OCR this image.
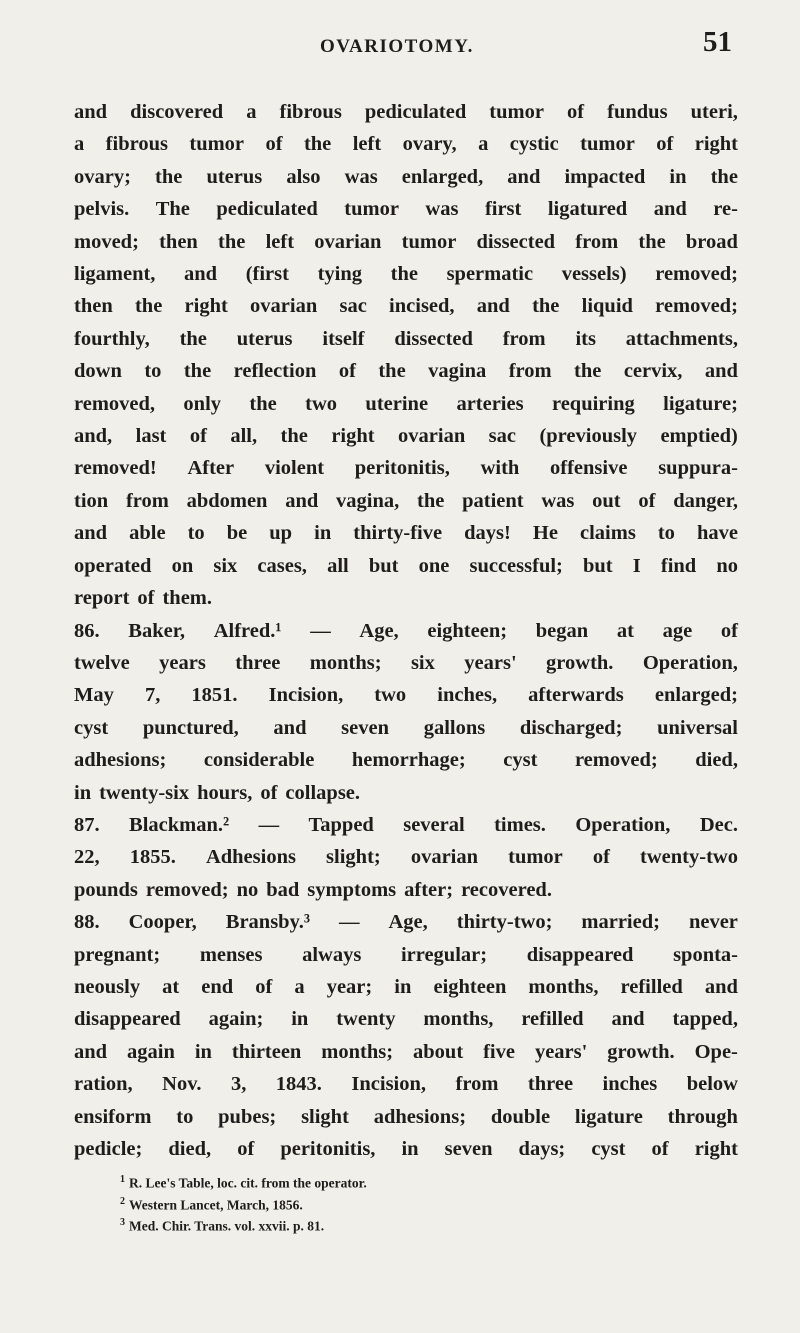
OVARIOTOMY.	51
and discovered a fibrous pediculated tumor of fundus uteri,
a fibrous tumor of the left ovary, a cystic tumor of right
ovary; the uterus also was enlarged, and impacted in the
pelvis. The pediculated tumor was first ligatured and re-
moved; then the left ovarian tumor dissected from the broad
ligament, and (first tying the spermatic vessels) removed;
then the right ovarian sac incised, and the liquid removed;
fourthly, the uterus itself dissected from its attachments,
down to the reflection of the vagina from the cervix, and
removed, only the two uterine arteries requiring ligature;
and, last of all, the right ovarian sac (previously emptied)
removed! After violent peritonitis, with offensive suppura-
tion from abdomen and vagina, the patient was out of danger,
and able to be up in thirty-five days! He claims to have
operated on six cases, all but one successful; but I find no
report of them.
86. Baker, Alfred.¹ — Age, eighteen; began at age of
twelve years three months; six years' growth. Operation,
May 7, 1851. Incision, two inches, afterwards enlarged;
cyst punctured, and seven gallons discharged; universal
adhesions; considerable hemorrhage; cyst removed; died,
in twenty-six hours, of collapse.
87. Blackman.² — Tapped several times. Operation, Dec.
22, 1855. Adhesions slight; ovarian tumor of twenty-two
pounds removed; no bad symptoms after; recovered.
88. Cooper, Bransby.³ — Age, thirty-two; married; never
pregnant; menses always irregular; disappeared sponta-
neously at end of a year; in eighteen months, refilled and
disappeared again; in twenty months, refilled and tapped,
and again in thirteen months; about five years' growth. Ope-
ration, Nov. 3, 1843. Incision, from three inches below
ensiform to pubes; slight adhesions; double ligature through
pedicle; died, of peritonitis, in seven days; cyst of right
$^1$ R. Lee's Table, loc. cit. from the operator.
$^2$ Western Lancet, March, 1856.
$^3$ Med. Chir. Trans. vol. xxvii. p. 81.
